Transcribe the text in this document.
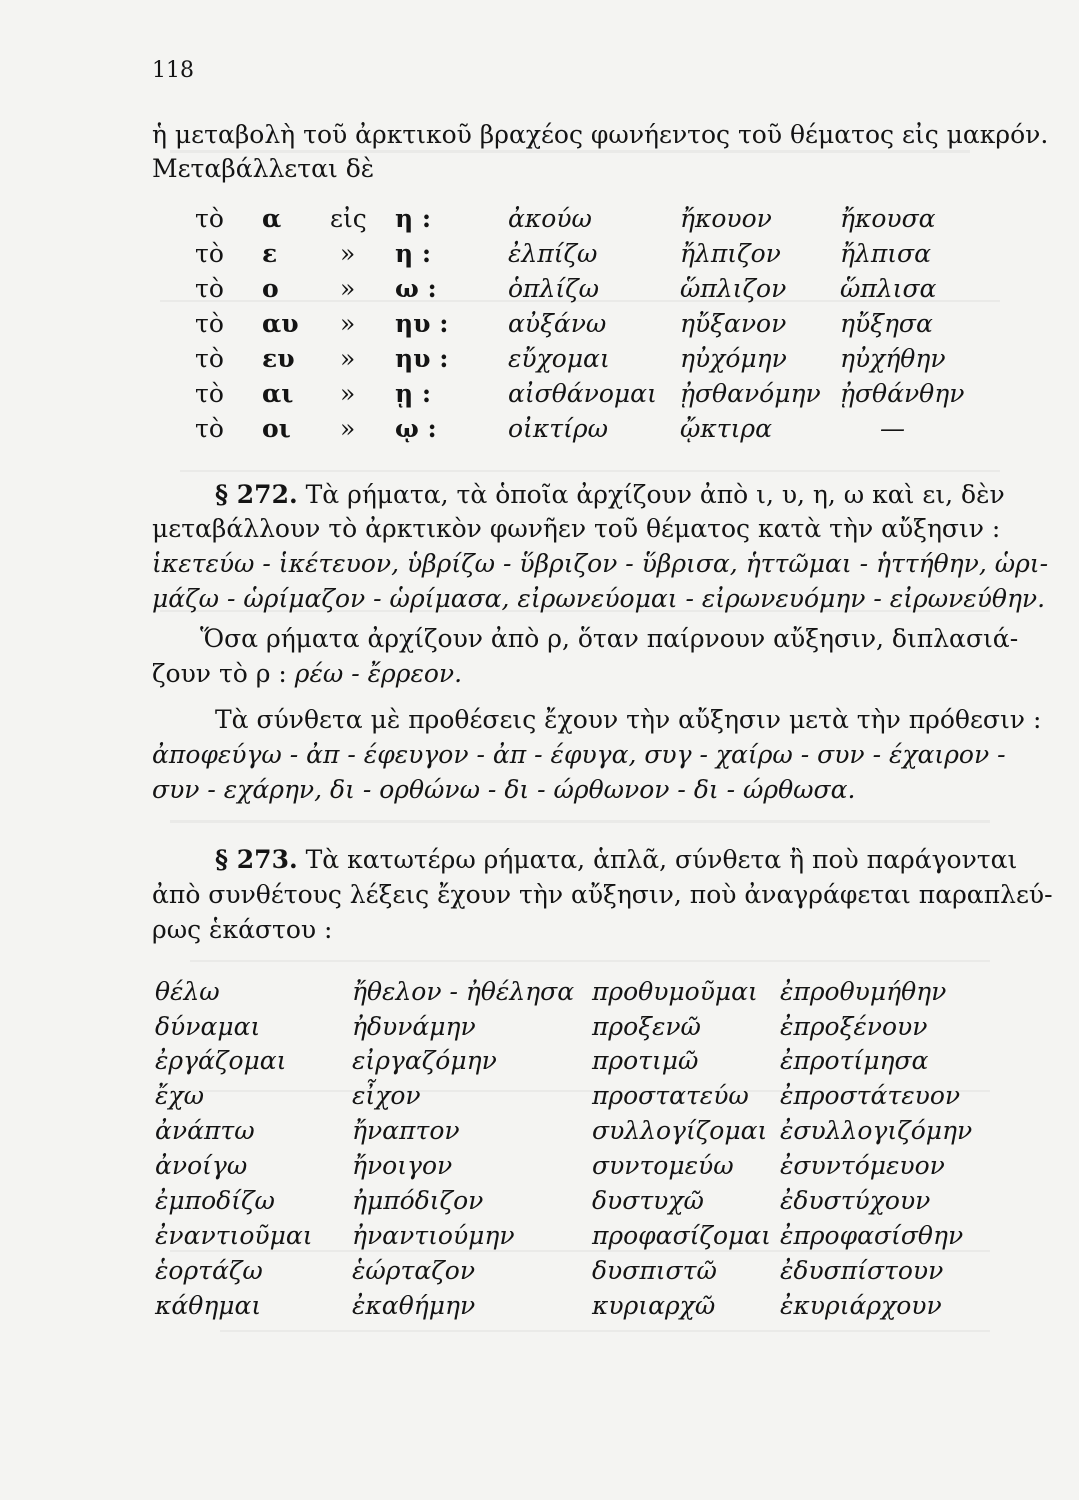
118
ἡ μεταβολὴ τοῦ ἀρκτικοῦ βραχέος φωνήεντος τοῦ θέματος εἰς μακρόν.
Μεταβάλλεται δὲ
τὸ α εἰς η :	ἀκούω	ἤκουον	ἤκουσα
τὸ ε	» η :	ἐλπίζω	ἤλπιζον ἤλπισα
τὸ ο » ω :	ὁπλίζω	ὥπλιζον ὥπλισα
τὸ αυ » ηυ : αὐξάνω	ηὔξανον ηὔξησα
τὸ ευ » ηυ : εὔχομαι	ηὐχόμην ηὐχήθην
τὸ αι » ῃ :	αἰσθάνομαι ᾐσθανόμην ᾐσθάνθην
τὸ οι » ῳ :	οἰκτίρω	ᾤκτιρα	—
§ 272. Τὰ ρήματα, τὰ ὁποῖα ἀρχίζουν ἀπὸ ι, υ, η, ω καὶ ει, δὲν
μεταβάλλουν τὸ ἀρκτικὸν φωνῆεν τοῦ θέματος κατὰ τὴν αὔξησιν :
ἱκετεύω - ἱκέτευον, ὑβρίζω - ὕβριζον - ὕβρισα, ἡττῶμαι - ἡττήθην, ὡρι-
μάζω - ὡρίμαζον - ὡρίμασα, εἰρωνεύομαι - εἰρωνευόμην - εἰρωνεύθην.
Ὅσα ρήματα ἀρχίζουν ἀπὸ ρ, ὅταν παίρνουν αὔξησιν, διπλασιά-
ζουν τὸ ρ : ρέω - ἔρρεον.
Τὰ σύνθετα μὲ προθέσεις ἔχουν τὴν αὔξησιν μετὰ τὴν πρόθεσιν :
ἀποφεύγω - ἀπ - έφευγον - ἀπ - έφυγα, συγ - χαίρω - συν - έχαιρον -
συν - εχάρην, δι - ορθώνω - δι - ώρθωνον - δι - ώρθωσα.
§ 273. Τὰ κατωτέρω ρήματα, ἁπλᾶ, σύνθετα ἢ ποὺ παράγονται
ἀπὸ συνθέτους λέξεις ἔχουν τὴν αὔξησιν, ποὺ ἀναγράφεται παραπλεύ-
ρως ἑκάστου :
θέλω	ἤθελον - ἠθέλησα προθυμοῦμαι ἐπροθυμήθην
δύναμαι	ἠδυνάμην	προξενῶ	ἐπροξένουν
ἐργάζομαι	εἰργαζόμην	προτιμῶ	ἐπροτίμησα
ἔχω	εἶχον	προστατεύω ἐπροστάτευον
ἀνάπτω	ἤναπτον	συλλογίζομαι ἐσυλλογιζόμην
ἀνοίγω	ἤνοιγον	συντομεύω ἐσυντόμευον
ἐμποδίζω	ἠμπόδιζον	δυστυχῶ	ἐδυστύχουν
ἐναντιοῦμαι ἠναντιούμην	προφασίζομαι ἐπροφασίσθην
ἑορτάζω	ἑώρταζον	δυσπιστῶ	ἐδυσπίστουν
κάθημαι	ἐκαθήμην	κυριαρχῶ	ἐκυριάρχουν
